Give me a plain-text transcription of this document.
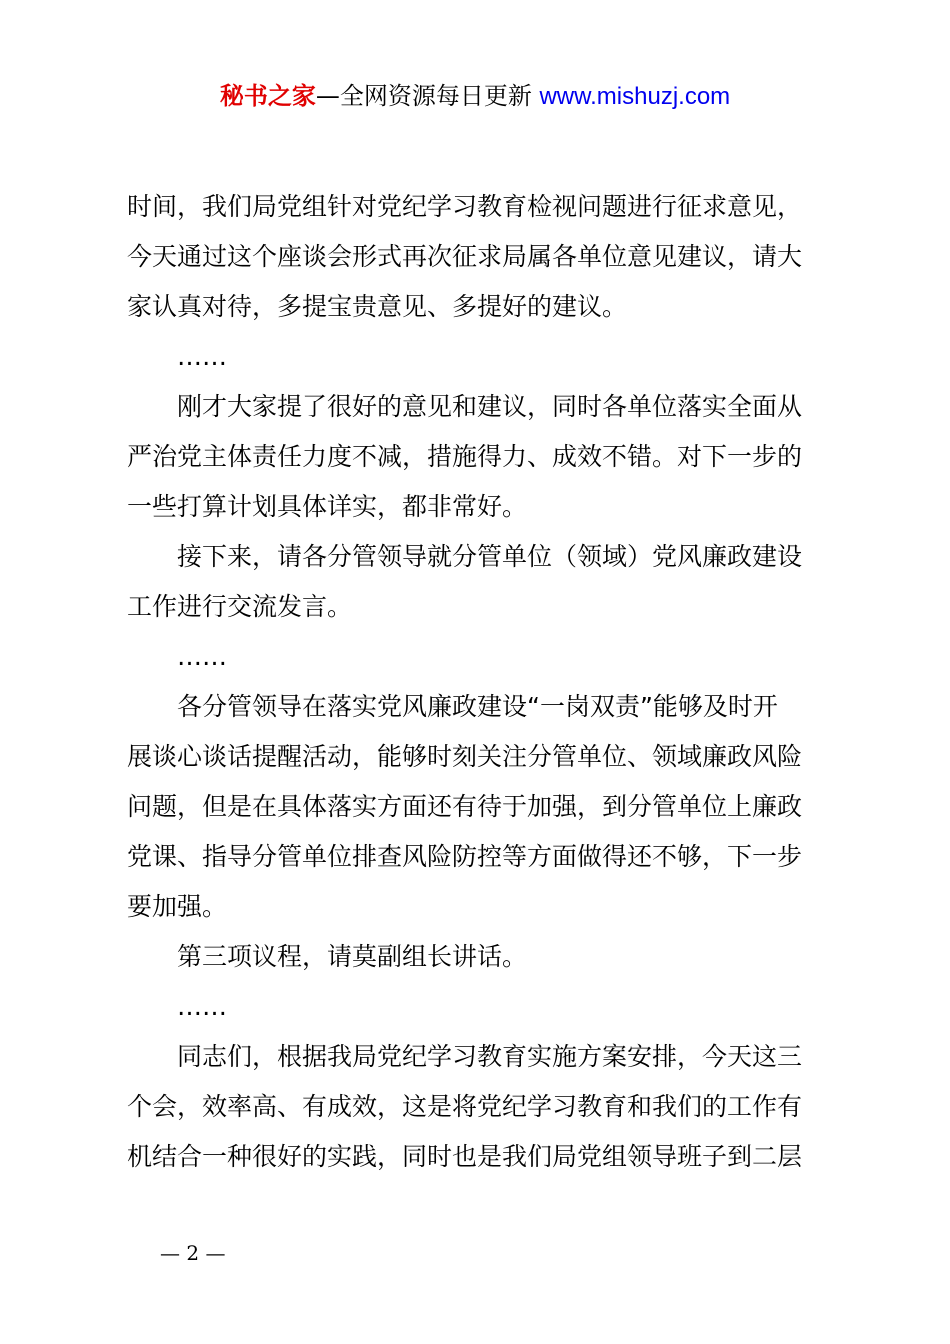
秘书之家—全网资源每日更新 www.mishuzj.com
时间，我们局党组针对党纪学习教育检视问题进行征求意见，
今天通过这个座谈会形式再次征求局属各单位意见建议，请大
家认真对待，多提宝贵意见、多提好的建议。
……
刚才大家提了很好的意见和建议，同时各单位落实全面从
严治党主体责任力度不减，措施得力、成效不错。对下一步的
一些打算计划具体详实，都非常好。
接下来，请各分管领导就分管单位（领域）党风廉政建设
工作进行交流发言。
……
各分管领导在落实党风廉政建设“一岗双责”能够及时开
展谈心谈话提醒活动，能够时刻关注分管单位、领域廉政风险
问题，但是在具体落实方面还有待于加强，到分管单位上廉政
党课、指导分管单位排查风险防控等方面做得还不够，下一步
要加强。
第三项议程，请莫副组长讲话。
……
同志们，根据我局党纪学习教育实施方案安排，今天这三
个会，效率高、有成效，这是将党纪学习教育和我们的工作有
机结合一种很好的实践，同时也是我们局党组领导班子到二层
— 2 —
